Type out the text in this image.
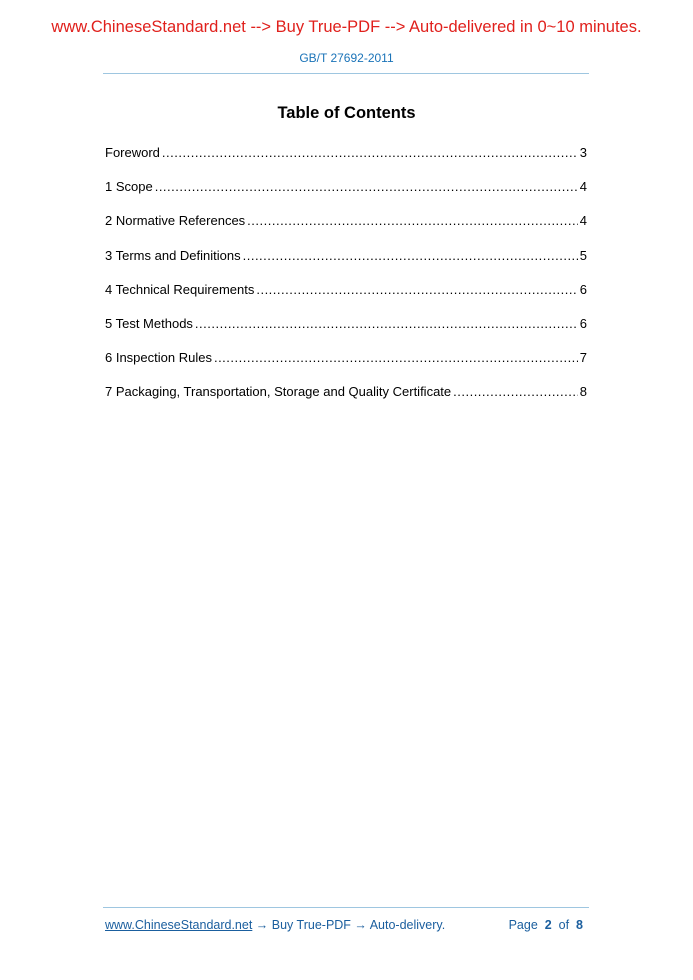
www.ChineseStandard.net --> Buy True-PDF --> Auto-delivered in 0~10 minutes.
GB/T 27692-2011
Table of Contents
Foreword .....	3
1 Scope .....	4
2 Normative References .....	4
3 Terms and Definitions .....	5
4 Technical Requirements .....	6
5 Test Methods .....	6
6 Inspection Rules .....	7
7 Packaging, Transportation, Storage and Quality Certificate .....	8
www.ChineseStandard.net → Buy True-PDF → Auto-delivery.	Page 2 of 8
